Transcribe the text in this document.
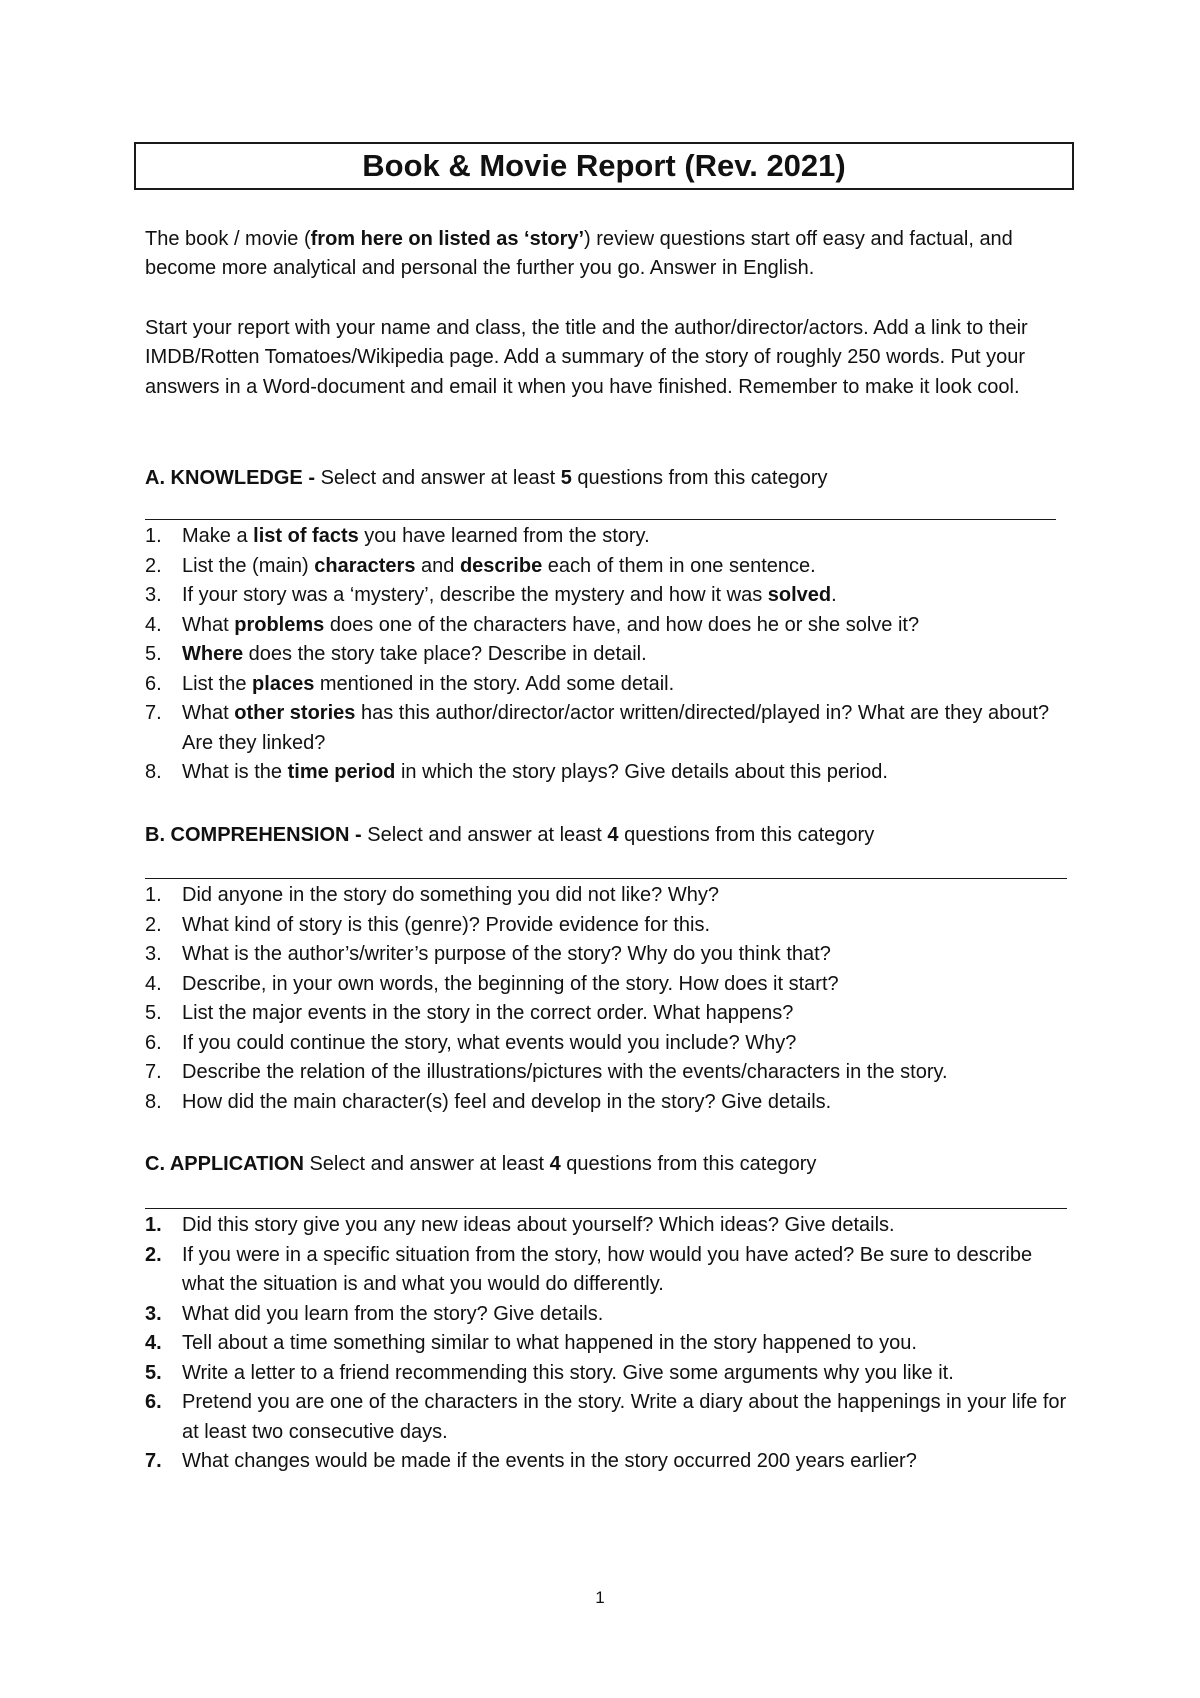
Book & Movie Report (Rev. 2021)

The book / movie (from here on listed as ‘story’) review questions start off easy and factual, and become more analytical and personal the further you go. Answer in English.

Start your report with your name and class, the title and the author/director/actors. Add a link to their IMDB/Rotten Tomatoes/Wikipedia page. Add a summary of the story of roughly 250 words. Put your answers in a Word-document and email it when you have finished. Remember to make it look cool.

A. KNOWLEDGE - Select and answer at least 5 questions from this category
1. Make a list of facts you have learned from the story.
2. List the (main) characters and describe each of them in one sentence.
3. If your story was a ‘mystery’, describe the mystery and how it was solved.
4. What problems does one of the characters have, and how does he or she solve it?
5. Where does the story take place? Describe in detail.
6. List the places mentioned in the story. Add some detail.
7. What other stories has this author/director/actor written/directed/played in? What are they about? Are they linked?
8. What is the time period in which the story plays? Give details about this period.
B. COMPREHENSION - Select and answer at least 4 questions from this category
1. Did anyone in the story do something you did not like? Why?
2. What kind of story is this (genre)? Provide evidence for this.
3. What is the author’s/writer’s purpose of the story? Why do you think that?
4. Describe, in your own words, the beginning of the story. How does it start?
5. List the major events in the story in the correct order. What happens?
6. If you could continue the story, what events would you include? Why?
7. Describe the relation of the illustrations/pictures with the events/characters in the story.
8. How did the main character(s) feel and develop in the story? Give details.
C. APPLICATION Select and answer at least 4 questions from this category
1. Did this story give you any new ideas about yourself? Which ideas? Give details.
2. If you were in a specific situation from the story, how would you have acted? Be sure to describe what the situation is and what you would do differently.
3. What did you learn from the story? Give details.
4. Tell about a time something similar to what happened in the story happened to you.
5. Write a letter to a friend recommending this story. Give some arguments why you like it.
6. Pretend you are one of the characters in the story. Write a diary about the happenings in your life for at least two consecutive days.
7. What changes would be made if the events in the story occurred 200 years earlier?
1
